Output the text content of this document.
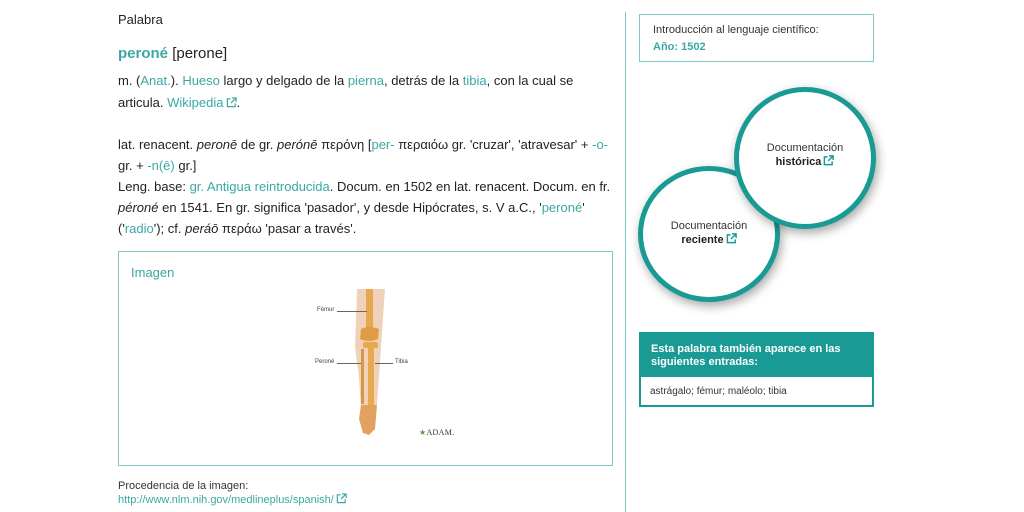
Palabra
peroné [perone]
m. (Anat.). Hueso largo y delgado de la pierna, detrás de la tibia, con la cual se articula. Wikipedia .
lat. renacent. peronē de gr. perónē περόνη [per- περαιόω gr. 'cruzar', 'atravesar' + -o- gr. + -n(ē) gr.]
Leng. base: gr. Antigua reintroducida. Docum. en 1502 en lat. renacent. Docum. en fr. péroné en 1541. En gr. significa 'pasador', y desde Hipócrates, s. V a.C., 'peroné' ('radio'); cf. peráō περάω 'pasar a través'.
Imagen
Fémur
Peroné	Tibia
★ADAM.
Procedencia de la imagen:
http://www.nlm.nih.gov/medlineplus/spanish/
Introducción al lenguaje científico:
Año: 1502
Documentación
histórica
Documentación
reciente
Esta palabra también aparece en las siguientes entradas:
astrágalo; fémur; maléolo; tibia
